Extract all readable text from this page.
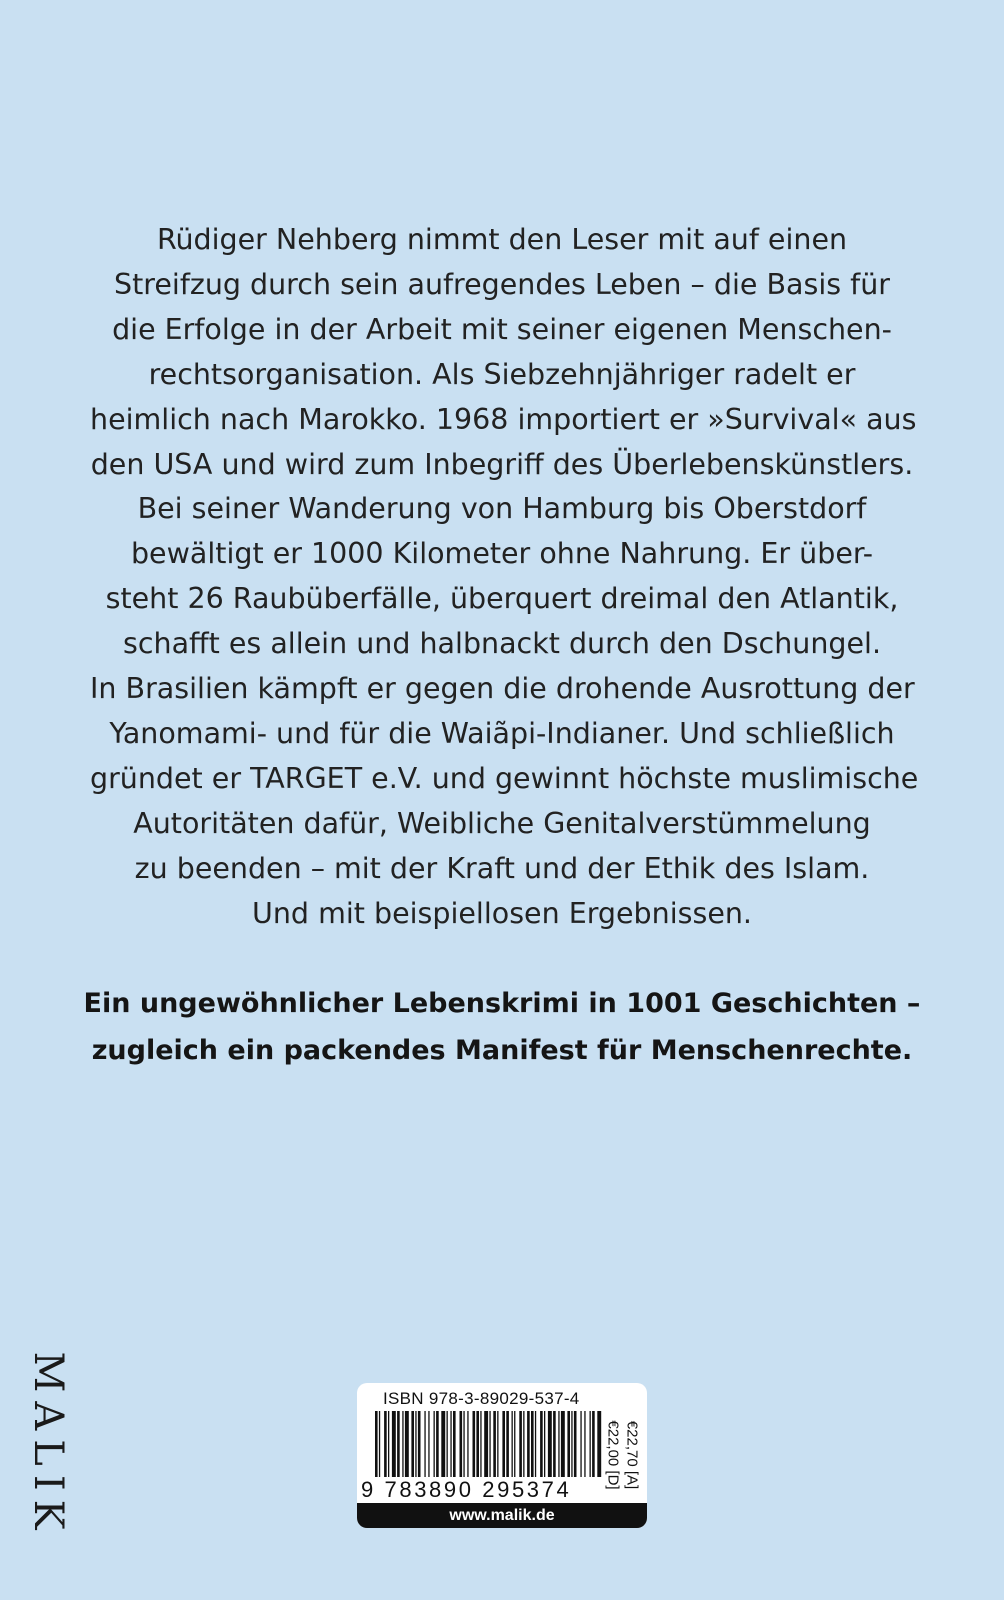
Rüdiger Nehberg nimmt den Leser mit auf einen
Streifzug durch sein aufregendes Leben – die Basis für
die Erfolge in der Arbeit mit seiner eigenen Menschen-
rechtsorganisation. Als Siebzehnjähriger radelt er
heimlich nach Marokko. 1968 importiert er »Survival« aus
den USA und wird zum Inbegriff des Überlebenskünstlers.
Bei seiner Wanderung von Hamburg bis Oberstdorf
bewältigt er 1000 Kilometer ohne Nahrung. Er über-
steht 26 Raubüberfälle, überquert dreimal den Atlantik,
schafft es allein und halbnackt durch den Dschungel.
In Brasilien kämpft er gegen die drohende Ausrottung der
Yanomami- und für die Waiãpi-Indianer. Und schließlich
gründet er TARGET e.V. und gewinnt höchste muslimische
Autoritäten dafür, Weibliche Genitalverstümmelung
zu beenden – mit der Kraft und der Ethik des Islam.
Und mit beispiellosen Ergebnissen.
Ein ungewöhnlicher Lebenskrimi in 1001 Geschichten –
zugleich ein packendes Manifest für Menschenrechte.
MALIK	ISBN 978-3-89029-537-4
9 783890 295374 €22,00 [D] €22,70 [A]
www.malik.de
